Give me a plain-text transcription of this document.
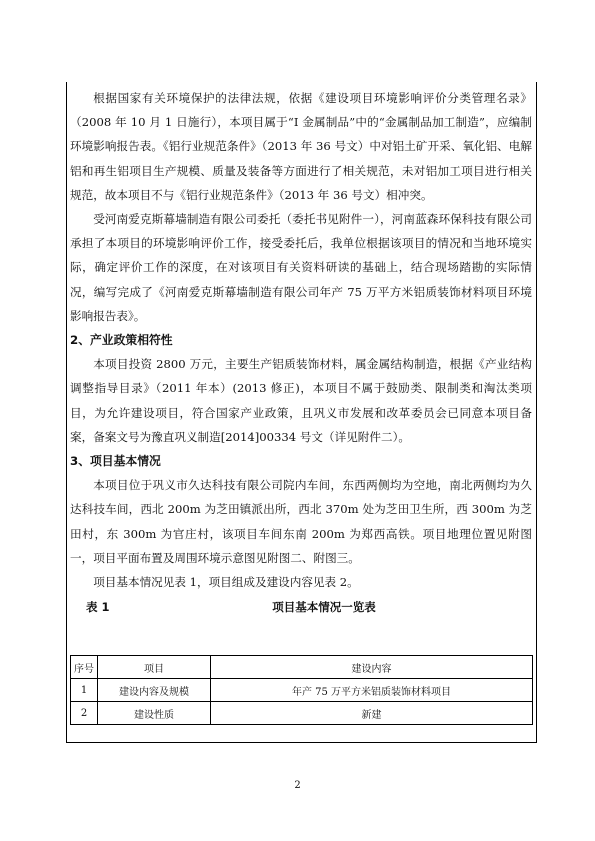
根据国家有关环境保护的法律法规，依据《建设项目环境影响评价分类管理名录》（2008 年 10 月 1 日施行），本项目属于“I 金属制品”中的“金属制品加工制造”，应编制环境影响报告表。《铝行业规范条件》（2013 年 36 号文）中对铝土矿开采、氧化铝、电解铝和再生铝项目生产规模、质量及装备等方面进行了相关规范，未对铝加工项目进行相关规范，故本项目不与《铝行业规范条件》（2013 年 36 号文）相冲突。

受河南爱克斯幕墙制造有限公司委托（委托书见附件一），河南蓝森环保科技有限公司承担了本项目的环境影响评价工作，接受委托后，我单位根据该项目的情况和当地环境实际，确定评价工作的深度，在对该项目有关资料研读的基础上，结合现场踏勘的实际情况，编写完成了《河南爱克斯幕墙制造有限公司年产 75 万平方米铝质装饰材料项目环境影响报告表》。

2、产业政策相符性

本项目投资 2800 万元，主要生产铝质装饰材料，属金属结构制造，根据《产业结构调整指导目录》（2011 年本）(2013 修正)，本项目不属于鼓励类、限制类和淘汰类项目，为允许建设项目，符合国家产业政策，且巩义市发展和改革委员会已同意本项目备案，备案文号为豫直巩义制造[2014]00334 号文（详见附件二）。

3、项目基本情况

本项目位于巩义市久达科技有限公司院内车间，东西两侧均为空地，南北两侧均为久达科技车间，西北 200m 为芝田镇派出所，西北 370m 处为芝田卫生所，西 300m 为芝田村，东 300m 为官庄村，该项目车间东南 200m 为郑西高铁。项目地理位置见附图一，项目平面布置及周围环境示意图见附图二、附图三。

项目基本情况见表 1，项目组成及建设内容见表 2。

表 1	项目基本情况一览表
序号	项目	建设内容
1	建设内容及规模	年产 75 万平方米铝质装饰材料项目
2	建设性质	新建
2
